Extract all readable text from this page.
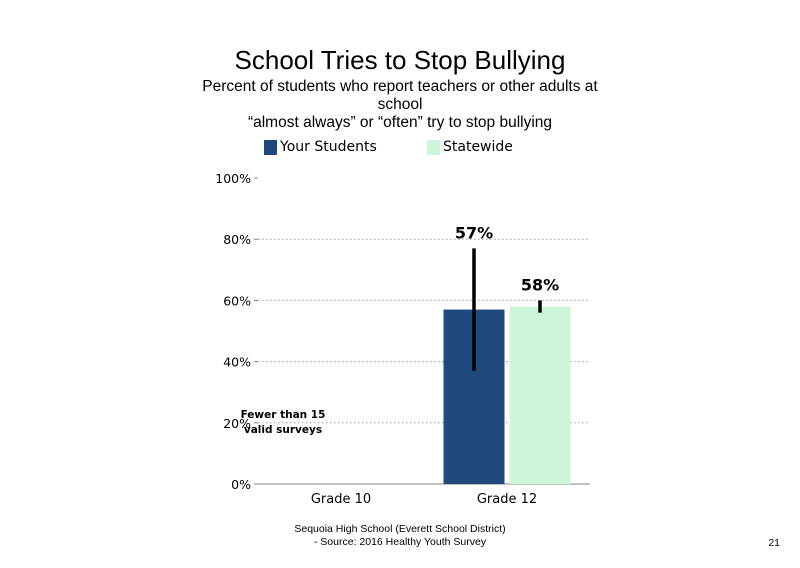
School Tries to Stop Bullying
Percent of students who report teachers or other adults at
school
“almost always” or “often” try to stop bullying
Your Students	Statewide
0%
20%
40%
60%
80%
100%
Grade 10	Grade 12
57%
58%
Fewer than 15
valid surveys
Sequoia High School (Everett School District)
- Source: 2016 Healthy Youth Survey	21
